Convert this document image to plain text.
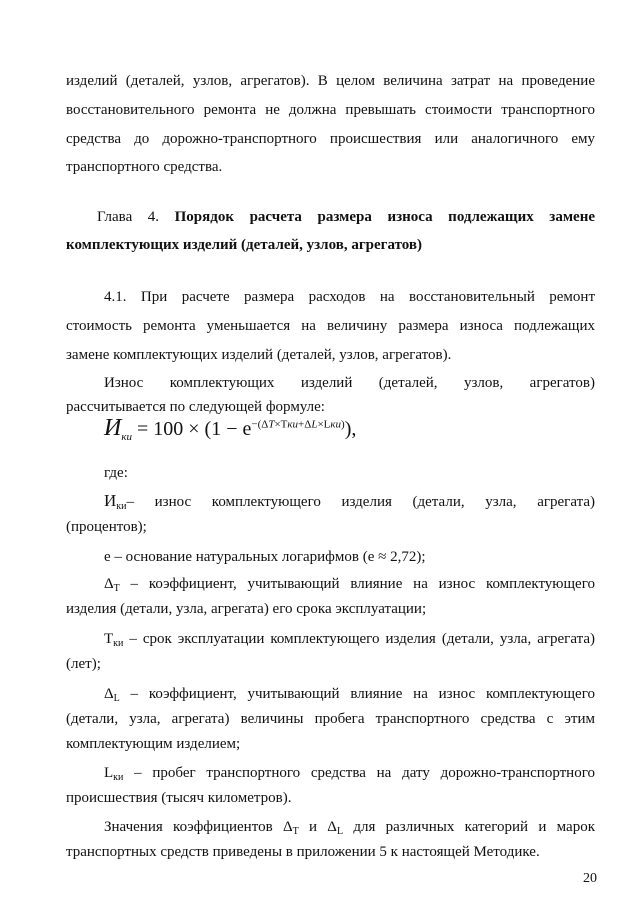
изделий (деталей, узлов, агрегатов). В целом величина затрат на проведение
восстановительного ремонта не должна превышать стоимости транспортного
средства до дорожно-транспортного происшествия или аналогичного ему
транспортного средства.
Глава 4. Порядок расчета размера износа подлежащих замене
комплектующих изделий (деталей, узлов, агрегатов)
4.1. При расчете размера расходов на восстановительный ремонт
стоимость ремонта уменьшается на величину размера износа подлежащих
замене комплектующих изделий (деталей, узлов, агрегатов).
Износ комплектующих изделий (деталей, узлов, агрегатов)
рассчитывается по следующей формуле:
$И_{ки} = 100 \times (1 - e^{-(\Delta T\times Tки+\Delta L\times Lки)})$,
где:
$И_{ки}-$ износ комплектующего изделия (детали, узла, агрегата)
(процентов);
е – основание натуральных логарифмов (е ≈ 2,72);
$\Delta_T$ – коэффициент, учитывающий влияние на износ комплектующего
изделия (детали, узла, агрегата) его срока эксплуатации;
$T_{ки}$ – срок эксплуатации комплектующего изделия (детали, узла, агрегата)
(лет);
$\Delta_L$ – коэффициент, учитывающий влияние на износ комплектующего
(детали, узла, агрегата) величины пробега транспортного средства с этим
комплектующим изделием;
$L_{ки}$ – пробег транспортного средства на дату дорожно-транспортного
происшествия (тысяч километров).
Значения коэффициентов $\Delta_T$ и $\Delta_L$ для различных категорий и марок
транспортных средств приведены в приложении 5 к настоящей Методике.
20
